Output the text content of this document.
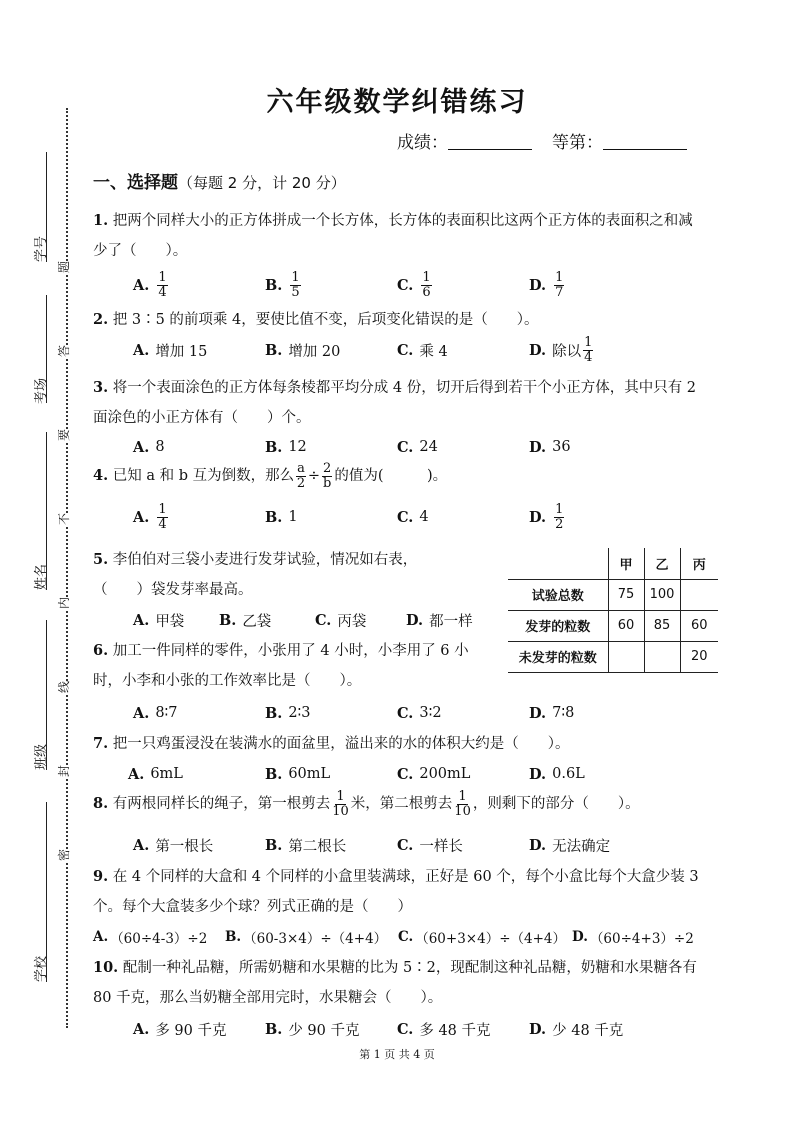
学号
考场
姓名
班级
学校
题
答
要
不
内
线
封
密
六年级数学纠错练习
成绩：	等第：
一、选择题（每题 2 分，计 20 分）
1. 把两个同样大小的正方体拼成一个长方体，长方体的表面积比这两个正方体的表面积之和减少了（　　）。
A. $\frac{1}{4}$	B. $\frac{1}{5}$	C. $\frac{1}{6}$	D. $\frac{1}{7}$
2. 把 3∶5 的前项乘 4，要使比值不变，后项变化错误的是（　　）。
A. 增加 15	B. 增加 20	C. 乘 4	D. 除以 $\frac{1}{4}$
3. 将一个表面涂色的正方体每条棱都平均分成 4 份，切开后得到若干个小正方体，其中只有 2 面涂色的小正方体有（　　）个。
A. 8	B. 12	C. 24	D. 36
4. 已知 a 和 b 互为倒数，那么 $\frac{a}{2} \div \frac{2}{b}$ 的值为(　　　)。
A. $\frac{1}{4}$	B. 1	C. 4	D. $\frac{1}{2}$
5. 李伯伯对三袋小麦进行发芽试验，情况如右表，
（　　）袋发芽率最高。
A. 甲袋 B. 乙袋	C. 丙袋	D. 都一样
	甲	乙	丙
试验总数	75	100	
发芽的粒数	60	85	60
未发芽的粒数			20
6. 加工一件同样的零件，小张用了 4 小时，小李用了 6 小
时，小李和小张的工作效率比是（　　）。
A. 8∶7	B. 2∶3	C. 3∶2	D. 7∶8
7. 把一只鸡蛋浸没在装满水的面盆里，溢出来的水的体积大约是（　　）。
A. 6mL	B. 60mL	C. 200mL	D. 0.6L
8. 有两根同样长的绳子，第一根剪去 $\frac{1}{10}$ 米，第二根剪去 $\frac{1}{10}$ ，则剩下的部分（　　）。
A. 第一根长	B. 第二根长	C. 一样长	D. 无法确定
9. 在 4 个同样的大盒和 4 个同样的小盒里装满球，正好是 60 个，每个小盒比每个大盒少装 3 个。每个大盒装多少个球？列式正确的是（　　）
A. （60÷4-3）÷2 B. （60-3×4）÷（4+4） C. （60+3×4）÷（4+4） D. （60÷4+3）÷2
10. 配制一种礼品糖，所需奶糖和水果糖的比为 5∶2，现配制这种礼品糖，奶糖和水果糖各有 80 千克，那么当奶糖全部用完时，水果糖会（　　）。
A. 多 90 千克	B. 少 90 千克	C. 多 48 千克	D. 少 48 千克
第 1 页 共 4 页
